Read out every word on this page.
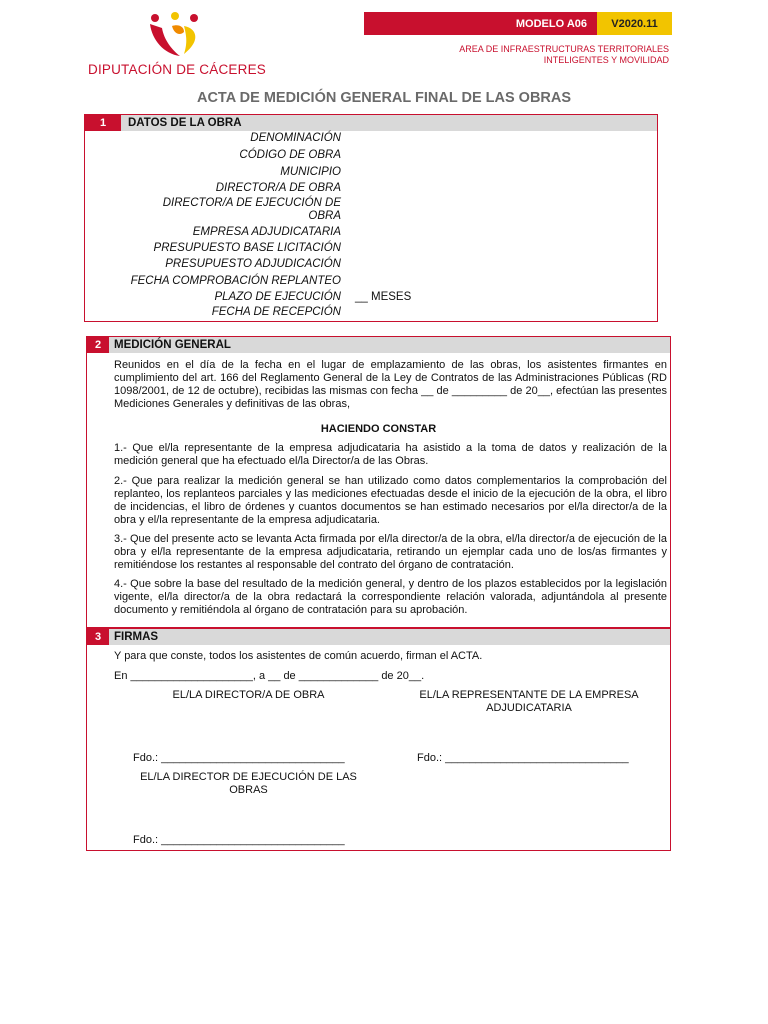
DIPUTACIÓN DE CÁCERES
MODELO A06	V2020.11
AREA DE INFRAESTRUCTURAS TERRITORIALES
INTELIGENTES Y MOVILIDAD
ACTA DE MEDICIÓN GENERAL FINAL DE LAS OBRAS
1	DATOS DE LA OBRA
DENOMINACIÓN
CÓDIGO DE OBRA
MUNICIPIO
DIRECTOR/A DE OBRA
DIRECTOR/A DE EJECUCIÓN DE
OBRA
EMPRESA ADJUDICATARIA
PRESUPUESTO BASE LICITACIÓN
PRESUPUESTO ADJUDICACIÓN
FECHA COMPROBACIÓN REPLANTEO
PLAZO DE EJECUCIÓN __ MESES
FECHA DE RECEPCIÓN
2	MEDICIÓN GENERAL
Reunidos en el día de la fecha en el lugar de emplazamiento de las obras, los asistentes firmantes en cumplimiento del art. 166 del Reglamento General de la Ley de Contratos de las Administraciones Públicas (RD 1098/2001, de 12 de octubre), recibidas las mismas con fecha __ de _________ de 20__, efectúan las presentes Mediciones Generales y definitivas de las obras,
HACIENDO CONSTAR
1.- Que el/la representante de la empresa adjudicataria ha asistido a la toma de datos y realización de la medición general que ha efectuado el/la Director/a de las Obras.
2.- Que para realizar la medición general se han utilizado como datos complementarios la comprobación del replanteo, los replanteos parciales y las mediciones efectuadas desde el inicio de la ejecución de la obra, el libro de incidencias, el libro de órdenes y cuantos documentos se han estimado necesarios por el/la director/a de la obra y el/la representante de la empresa adjudicataria.
3.- Que del presente acto se levanta Acta firmada por el/la director/a de la obra, el/la director/a de ejecución de la obra y el/la representante de la empresa adjudicataria, retirando un ejemplar cada uno de los/as firmantes y remitiéndose los restantes al responsable del contrato del órgano de contratación.
4.- Que sobre la base del resultado de la medición general, y dentro de los plazos establecidos por la legislación vigente, el/la director/a de la obra redactará la correspondiente relación valorada, adjuntándola al presente documento y remitiéndola al órgano de contratación para su aprobación.
3	FIRMAS
Y para que conste, todos los asistentes de común acuerdo, firman el ACTA.
En ____________________, a __ de _____________ de 20__.
EL/LA DIRECTOR/A DE OBRA	EL/LA REPRESENTANTE DE LA EMPRESA
ADJUDICATARIA
Fdo.: ______________________________	Fdo.: ______________________________
EL/LA DIRECTOR DE EJECUCIÓN DE LAS
OBRAS
Fdo.: ______________________________
